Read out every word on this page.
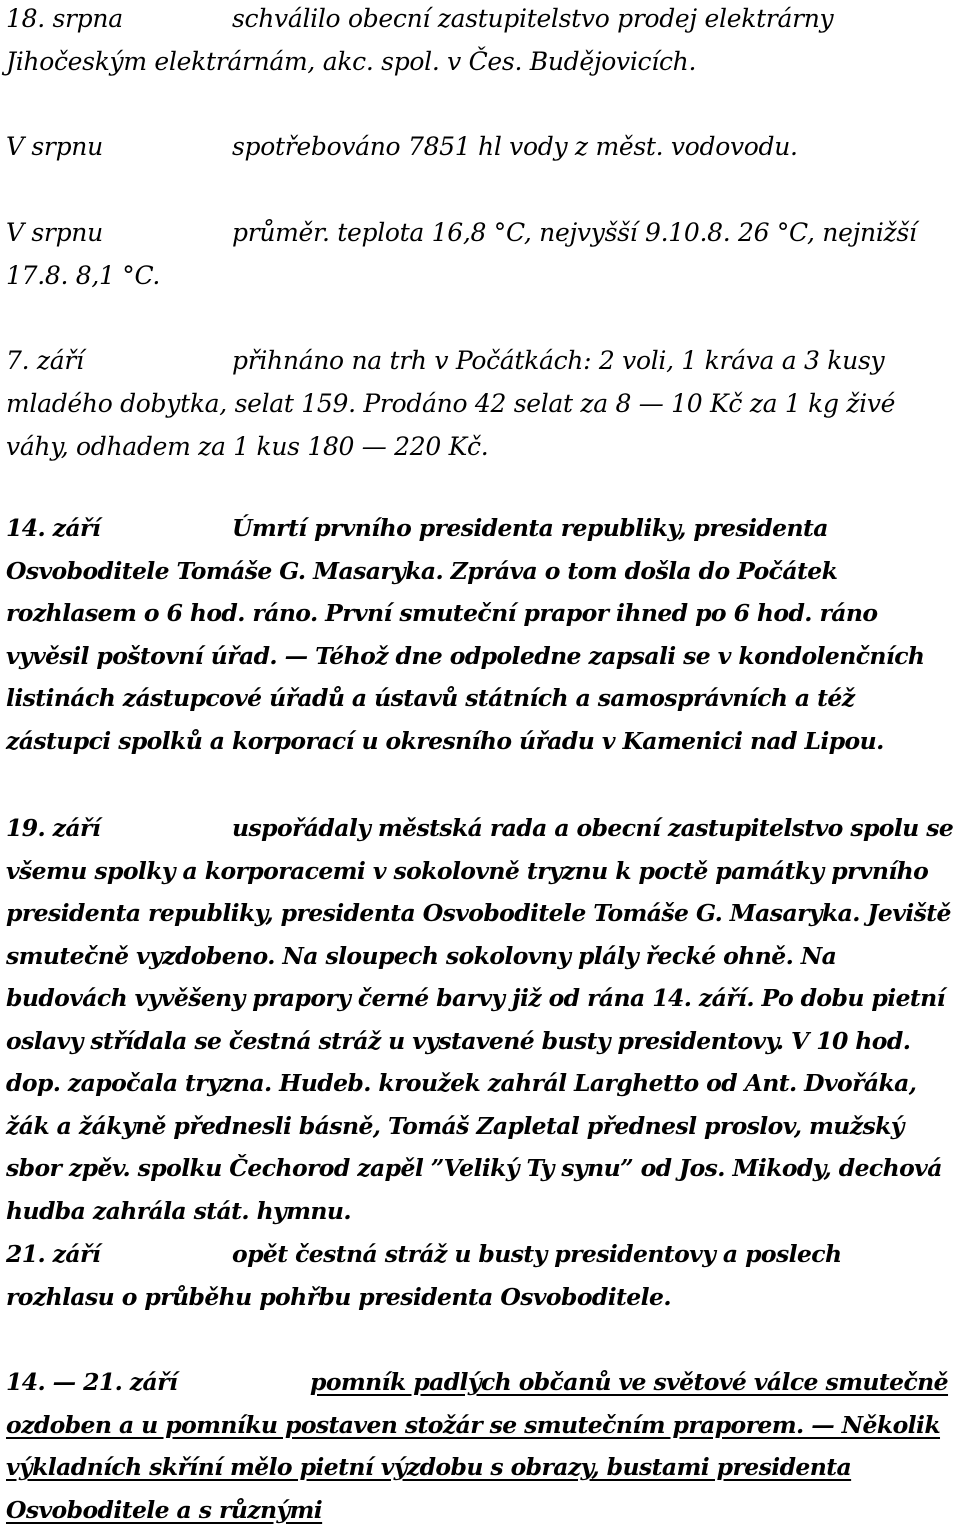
18. srpna	schválilo obecní zastupitelstvo prodej elektrárny Jihočeským elektrárnám, akc. spol. v Čes. Budějovicích.

V srpnu	spotřebováno 7851 hl vody z měst. vodovodu.

V srpnu	průměr. teplota 16,8 °C, nejvyšší 9.10.8. 26 °C, nejnižší 17.8. 8,1 °C.

7. září	přihnáno na trh v Počátkách: 2 voli, 1 kráva a 3 kusy mladého dobytka, selat 159. Prodáno 42 selat za 8 — 10 Kč za 1 kg živé váhy, odhadem za 1 kus 180 — 220 Kč.

14. září	Úmrtí prvního presidenta republiky, presidenta Osvoboditele Tomáše G. Masaryka. Zpráva o tom došla do Počátek rozhlasem o 6 hod. ráno. První smuteční prapor ihned po 6 hod. ráno vyvěsil poštovní úřad. — Téhož dne odpoledne zapsali se v kondolenčních listinách zástupcové úřadů a ústavů státních a samosprávních a též zástupci spolků a korporací u okresního úřadu v Kamenici nad Lipou.

19. září	uspořádaly městská rada a obecní zastupitelstvo spolu se všemu spolky a korporacemi v sokolovně tryznu k poctě památky prvního presidenta republiky, presidenta Osvoboditele Tomáše G. Masaryka. Jeviště smutečně vyzdobeno. Na sloupech sokolovny plály řecké ohně. Na budovách vyvěšeny prapory černé barvy již od rána 14. září. Po dobu pietní oslavy střídala se čestná stráž u vystavené busty presidentovy. V 10 hod. dop. započala tryzna. Hudeb. kroužek zahrál Larghetto od Ant. Dvořáka, žák a žákyně přednesli básně, Tomáš Zapletal přednesl proslov, mužský sbor zpěv. spolku Čechorod zapěl ”Veliký Ty synu” od Jos. Mikody, dechová hudba zahrála stát. hymnu.

21. září	opět čestná stráž u busty presidentovy a poslech rozhlasu o průběhu pohřbu presidenta Osvoboditele.

14. — 21. září	pomník padlých občanů ve světové válce smutečně ozdoben a u pomníku postaven stožár se smutečním praporem. — Několik výkladních skříní mělo pietní výzdobu s obrazy, bustami presidenta Osvoboditele a s různými
